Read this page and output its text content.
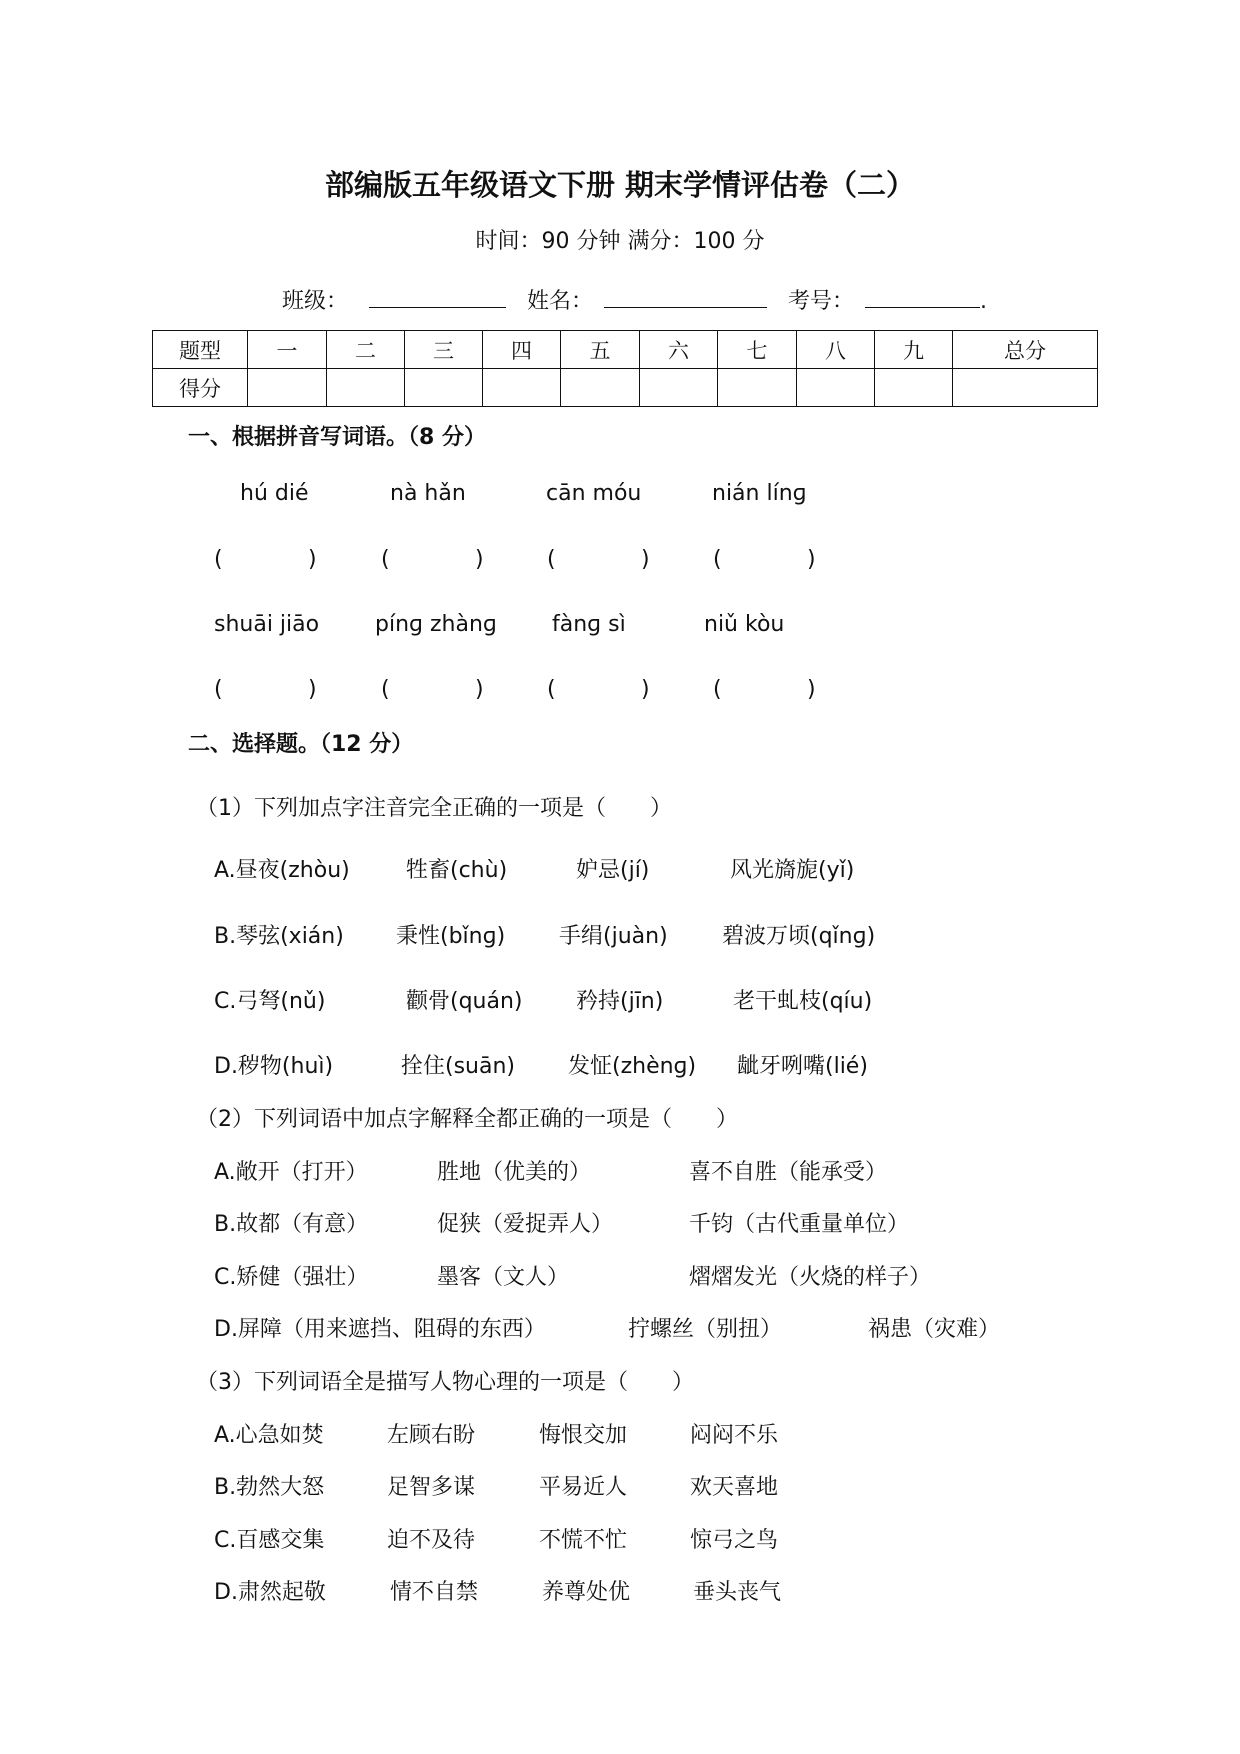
部编版五年级语文下册 期末学情评估卷（二）
时间：90 分钟 满分：100 分
班级：	姓名：	考号：	.
题型	一	二	三	四	五	六	七	八	九	总分
得分										
一、根据拼音写词语。（8 分）
hú dié	nà hǎn	cān móu	nián línɡ
(	)	(	)	(	)	(	)
shuāi jiāo	pínɡ zhànɡ	fànɡ sì	niǔ kòu
(	)	(	)	(	)	(	)
二、选择题。（12 分）
（1）下列加点字注音完全正确的一项是（　　）
A.昼夜(zhòu)	牲畜(chù)	妒忌(jí)	风光旖旎(yǐ)
B.琴弦(xián) 秉性(bǐnɡ) 手绢(juàn) 碧波万顷(qǐnɡ)
C.弓弩(nǔ)	颧骨(quán) 矜持(jīn)	老干虬枝(qíu)
D.秽物(huì)	拴住(suān) 发怔(zhènɡ) 龇牙咧嘴(lié)
（2）下列词语中加点字解释全都正确的一项是（　　）
A.敞开（打开）	胜地（优美的）	喜不自胜（能承受）
B.故都（有意）	促狭（爱捉弄人）	千钧（古代重量单位）
C.矫健（强壮）	墨客（文人）	熠熠发光（火烧的样子）
D.屏障（用来遮挡、阻碍的东西）	拧螺丝（别扭）	祸患（灾难）
（3）下列词语全是描写人物心理的一项是（　　）
A.心急如焚	左顾右盼	悔恨交加	闷闷不乐
B.勃然大怒	足智多谋	平易近人	欢天喜地
C.百感交集	迫不及待	不慌不忙	惊弓之鸟
D.肃然起敬	情不自禁	养尊处优	垂头丧气
